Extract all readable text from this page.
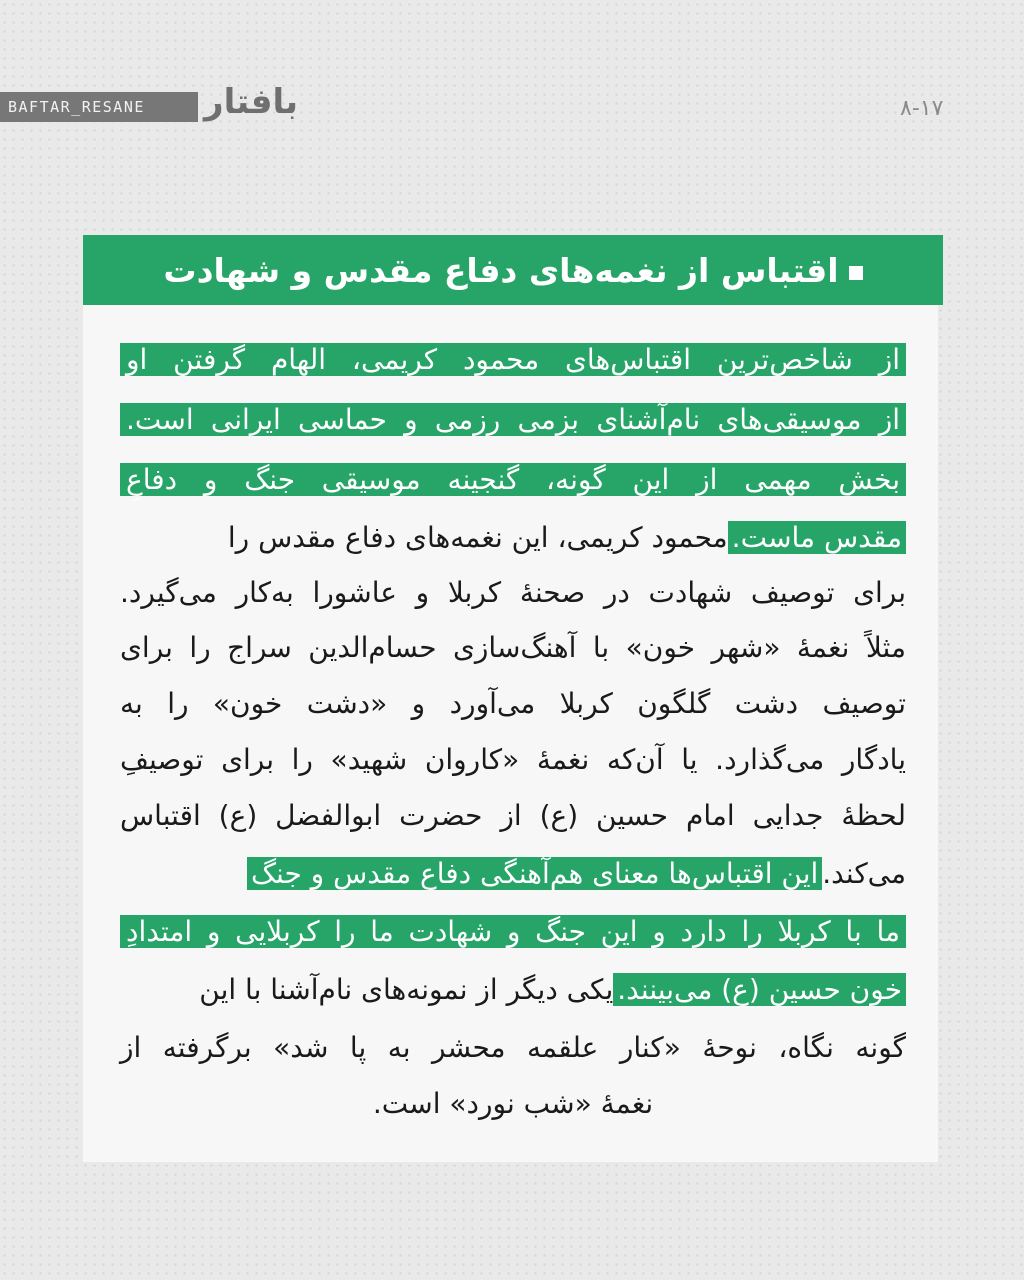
BAFTAR_RESANE	بافتار	۸-۱۷
اقتباس از نغمه‌های دفاع مقدس و شهادت
از شاخص‌ترین اقتباس‌های محمود کریمی، الهام گرفتن او
از موسیقی‌های نام‌آشنای بزمی‌ رزمی و حماسی ایرانی است.
بخش مهمی از این گونه، گنجینه موسیقی جنگ و دفاعِ
مقدس ماست.محمود کریمی، این نغمه‌های دفاع مقدس را
برای توصیف شهادت در صحنهٔ کربلا و عاشورا به‌کار می‌گیرد.
مثلاً نغمهٔ «شهر خون» با آهنگ‌سازی حسام‌الدین سراج را برای
توصیف دشت گلگون کربلا می‌آورد و «دشت خون» را به
یادگار می‌گذارد. یا آن‌که نغمهٔ «کاروان شهید» را برای توصیفِ
لحظهٔ جدایی امام حسین (ع) از حضرت ابوالفضل (ع) اقتباس
می‌کند.این اقتباس‌ها معنای هم‌آهنگی دفاع مقدس و جنگ
ما با کربلا را دارد و این جنگ و شهادت ما را کربلایی و امتدادِ
خون حسین (ع) می‌بینند.یکی دیگر از نمونه‌های نام‌آشنا با این
گونه نگاه، نوحهٔ «کنار علقمه محشر به پا شد» برگرفته از
نغمهٔ «شب نورد» است.
